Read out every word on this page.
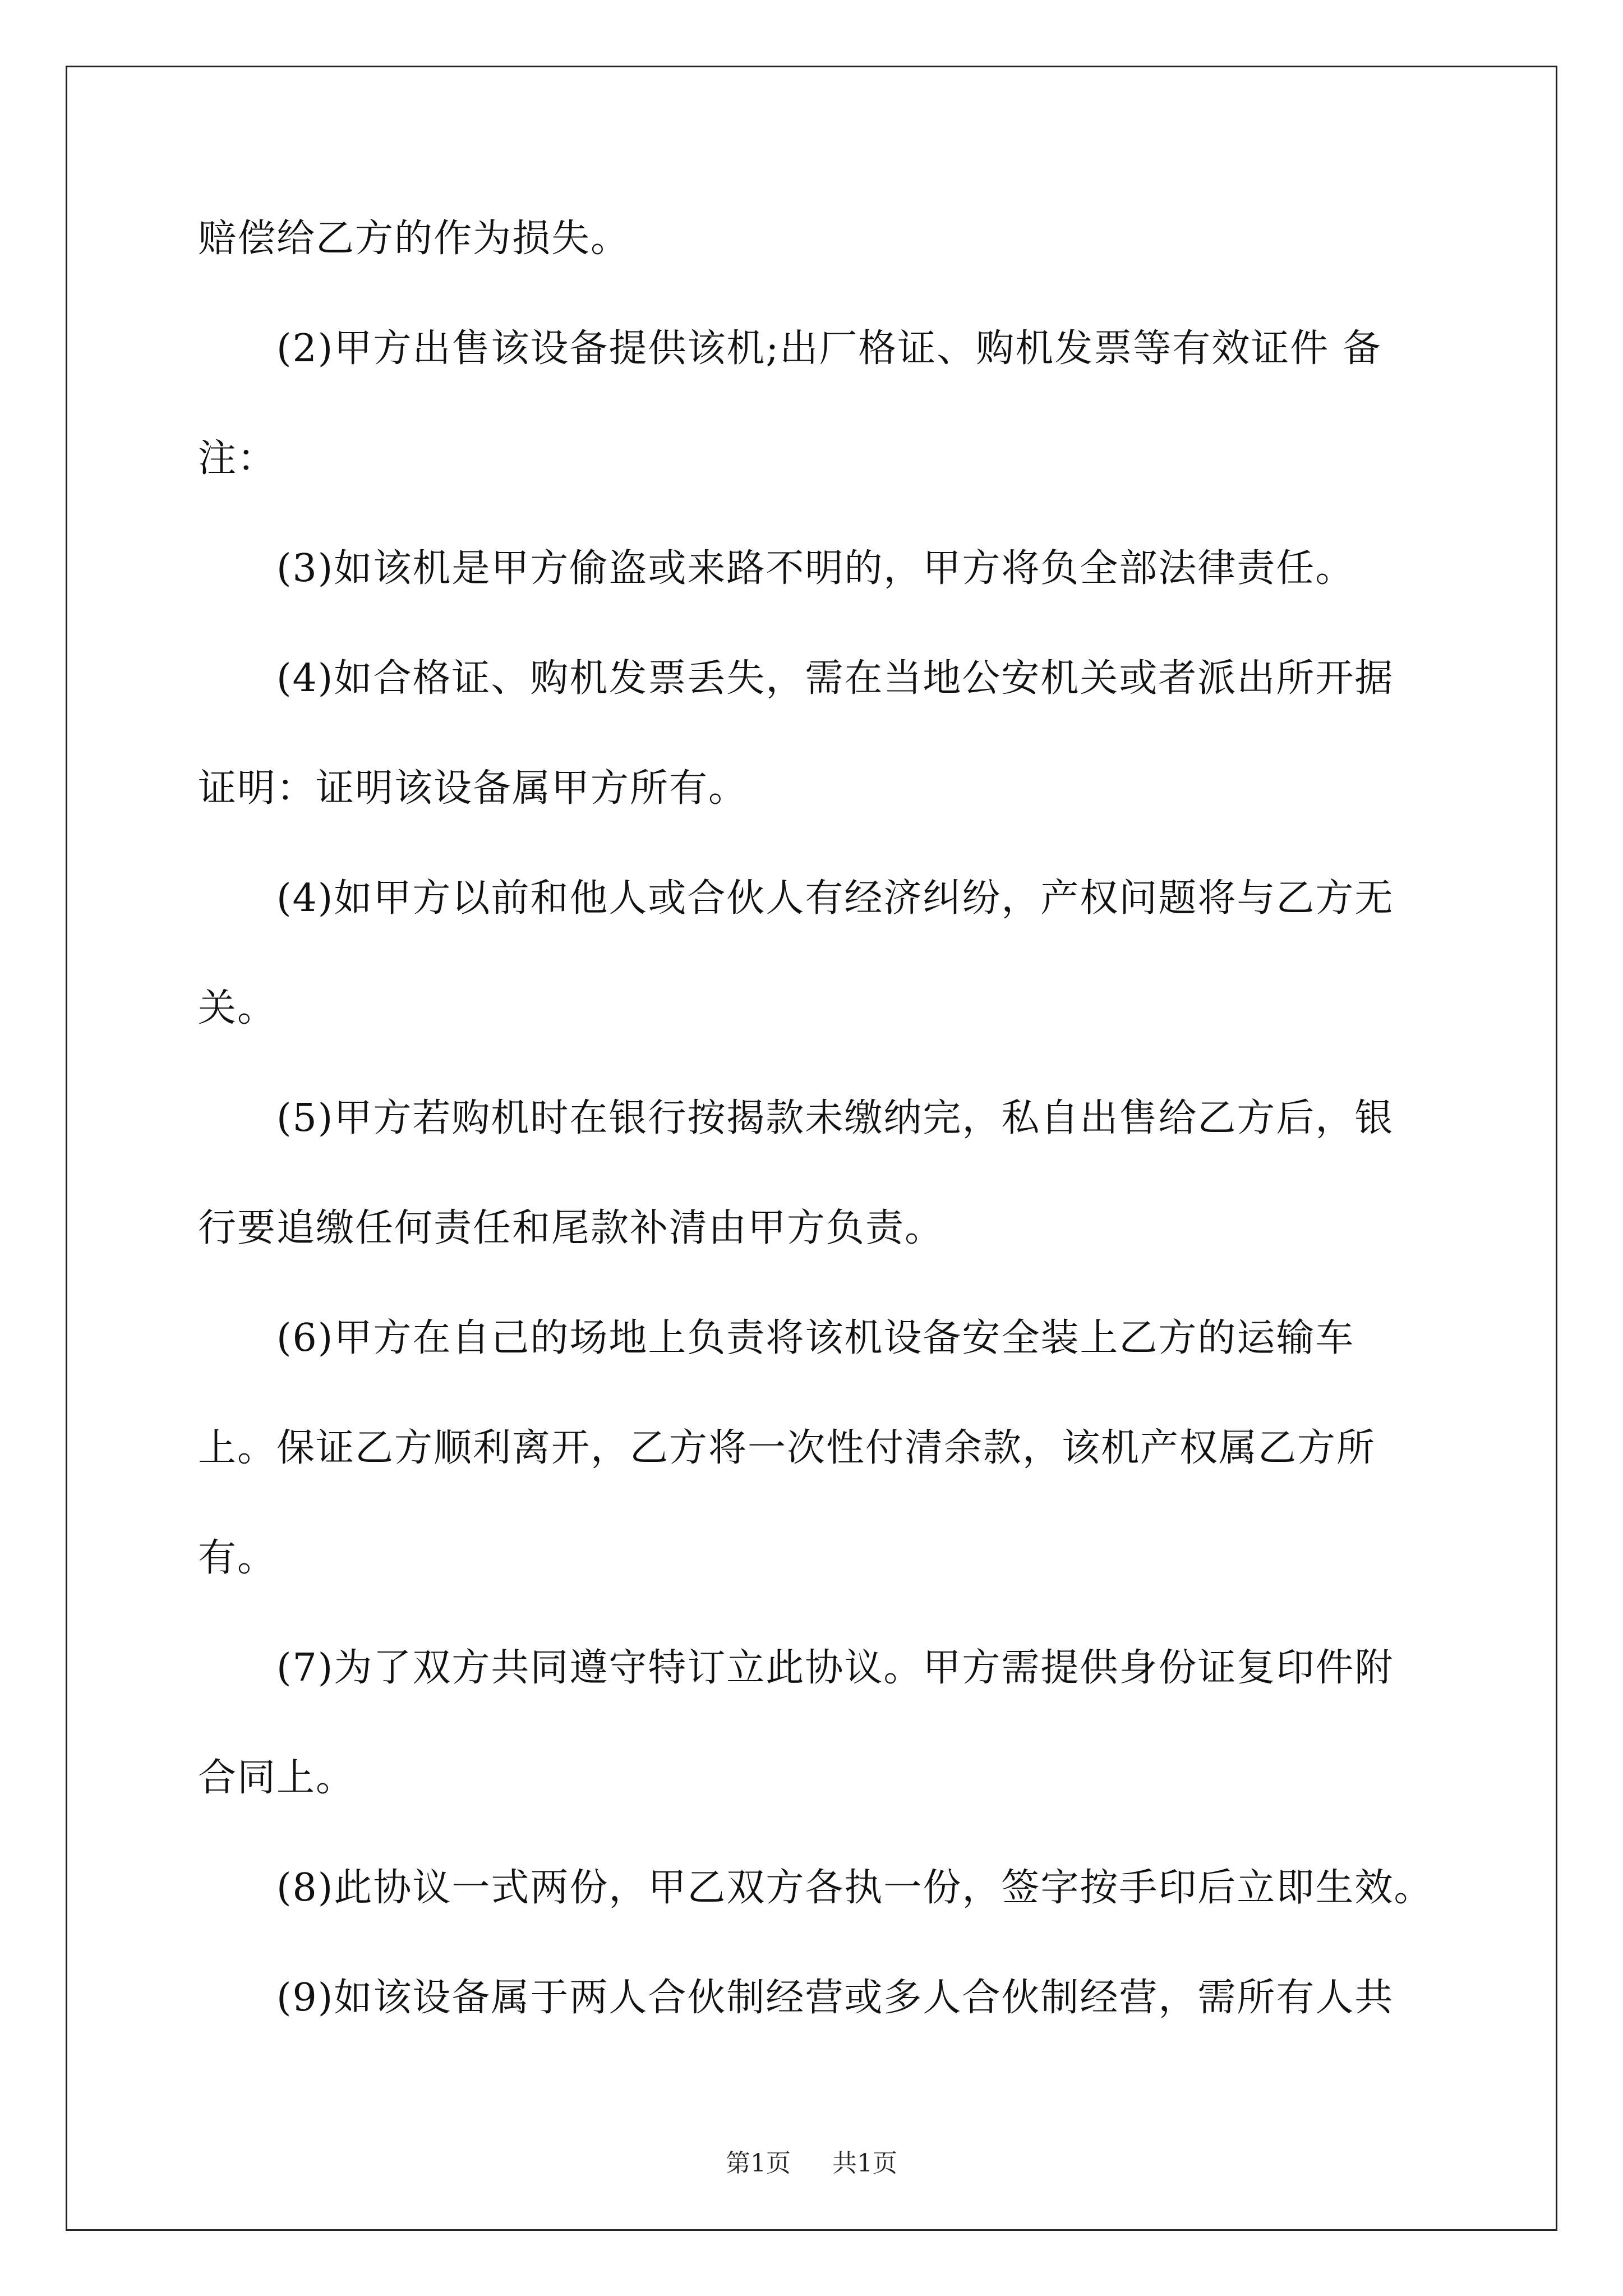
赔偿给乙方的作为损失。
(2)甲方出售该设备提供该机;出厂格证、购机发票等有效证件 备
注：
(3)如该机是甲方偷盗或来路不明的，甲方将负全部法律责任。
(4)如合格证、购机发票丢失，需在当地公安机关或者派出所开据
证明：证明该设备属甲方所有。
(4)如甲方以前和他人或合伙人有经济纠纷，产权问题将与乙方无
关。
(5)甲方若购机时在银行按揭款未缴纳完，私自出售给乙方后，银
行要追缴任何责任和尾款补清由甲方负责。
(6)甲方在自己的场地上负责将该机设备安全装上乙方的运输车
上。保证乙方顺利离开，乙方将一次性付清余款，该机产权属乙方所
有。
(7)为了双方共同遵守特订立此协议。甲方需提供身份证复印件附
合同上。
(8)此协议一式两份，甲乙双方各执一份，签字按手印后立即生效。
(9)如该设备属于两人合伙制经营或多人合伙制经营，需所有人共
第1页 共1页
